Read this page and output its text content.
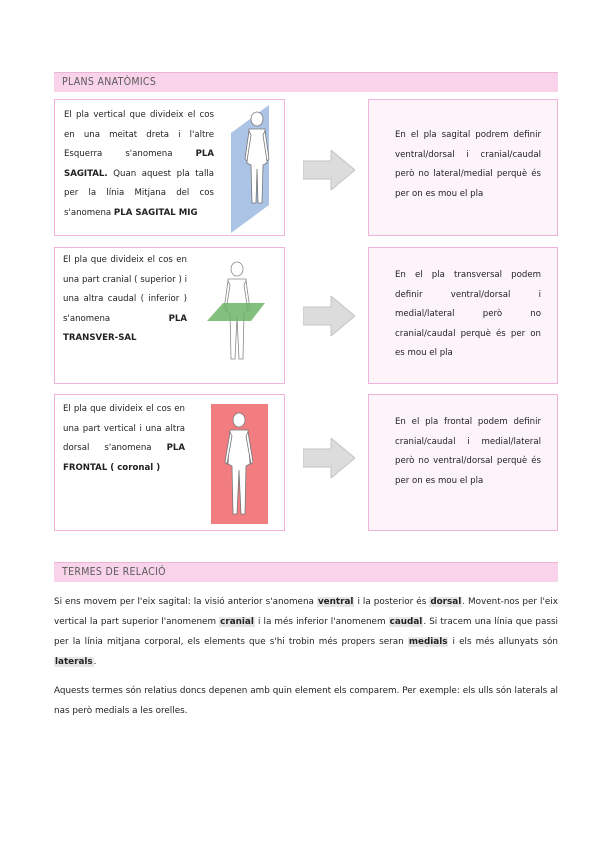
PLANS ANATÒMICS
El pla vertical que divideix el cos en una meitat dreta i l'altre Esquerra s'anomena PLA SAGITAL. Quan aquest pla talla per la línia Mitjana del cos s'anomena PLA SAGITAL MIG
En el pla sagital podrem definir ventral/dorsal i cranial/caudal però no lateral/medial perquè és per on es mou el pla
El pla que divideix el cos en una part cranial ( superior ) i una altra caudal ( inferior ) s'anomena PLA TRANSVER-SAL
En el pla transversal podem definir ventral/dorsal i medial/lateral però no cranial/caudal perquè és per on es mou el pla
El pla que divideix el cos en una part vertical i una altra dorsal s'anomena PLA FRONTAL ( coronal )
En el pla frontal podem definir cranial/caudal i medial/lateral però no ventral/dorsal perquè és per on es mou el pla
TERMES DE RELACIÓ
Si ens movem per l'eix sagital: la visió anterior s'anomena ventral i la posterior és dorsal. Movent-nos per l'eix vertical la part superior l'anomenem cranial i la més inferior l'anomenem caudal. Si tracem una línia que passi per la línia mitjana corporal, els elements que s'hi trobin més propers seran medials i els més allunyats són laterals.
Aquests termes són relatius doncs depenen amb quin element els comparem. Per exemple: els ulls són laterals al nas però medials a les orelles.
